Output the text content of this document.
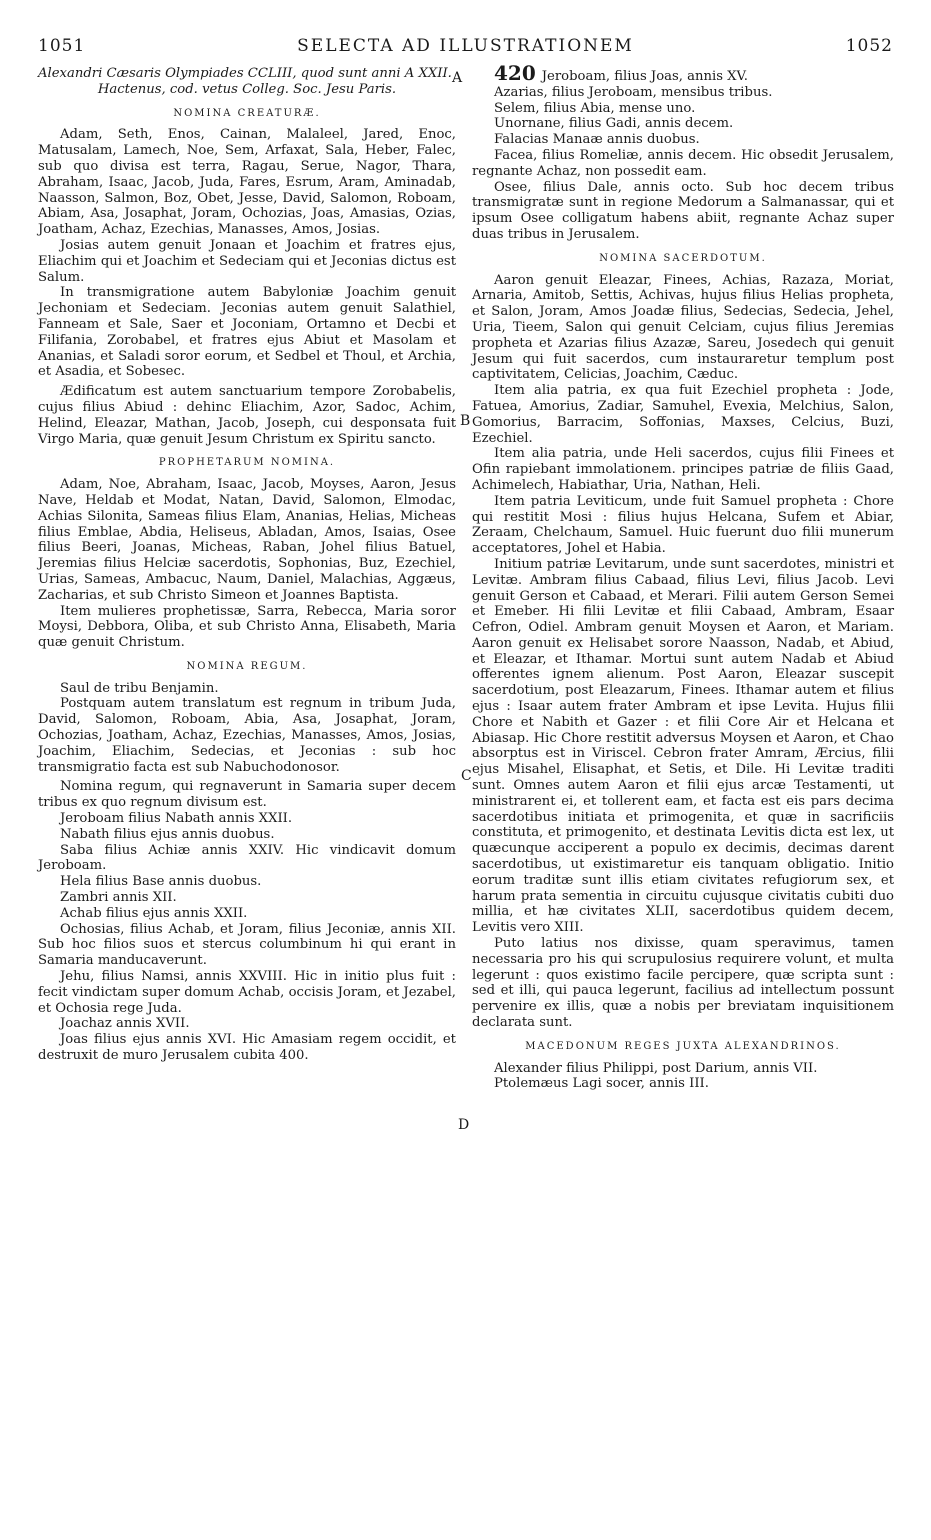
1051	SELECTA AD ILLUSTRATIONEM	1052
A
B
C
D

Alexandri Cæsaris Olympiades CCLIII, quod sunt anni A XXII.

Hactenus, cod. vetus Colleg. Soc. Jesu Paris.

NOMINA CREATURÆ.

Adam, Seth, Enos, Cainan, Malaleel, Jared, Enoc, Matusalam, Lamech, Noe, Sem, Arfaxat, Sala, Heber, Falec, sub quo divisa est terra, Ragau, Serue, Nagor, Thara, Abraham, Isaac, Jacob, Juda, Fares, Esrum, Aram, Aminadab, Naasson, Salmon, Boz, Obet, Jesse, David, Salomon, Roboam, Abiam, Asa, Josaphat, Joram, Ochozias, Joas, Amasias, Ozias, Joatham, Achaz, Ezechias, Manasses, Amos, Josias.

Josias autem genuit Jonaan et Joachim et fratres ejus, Eliachim qui et Joachim et Sedeciam qui et Jeconias dictus est Salum.

In transmigratione autem Babyloniæ Joachim genuit Jechoniam et Sedeciam. Jeconias autem genuit Salathiel, Fanneam et Sale, Saer et Joconiam, Ortamno et Decbi et Filifania, Zorobabel, et fratres ejus Abiut et Masolam et Ananias, et Saladi soror eorum, et Sedbel et Thoul, et Archia, et Asadia, et Sobesec.

Ædificatum est autem sanctuarium tempore Zorobabelis, cujus filius Abiud : dehinc Eliachim, Azor, Sadoc, Achim, Helind, Eleazar, Mathan, Jacob, Joseph, cui desponsata fuit Virgo Maria, quæ genuit Jesum Christum ex Spiritu sancto.

PROPHETARUM NOMINA.

Adam, Noe, Abraham, Isaac, Jacob, Moyses, Aaron, Jesus Nave, Heldab et Modat, Natan, David, Salomon, Elmodac, Achias Silonita, Sameas filius Elam, Ananias, Helias, Micheas filius Emblae, Abdia, Heliseus, Abladan, Amos, Isaias, Osee filius Beeri, Joanas, Micheas, Raban, Johel filius Batuel, Jeremias filius Helciæ sacerdotis, Sophonias, Buz, Ezechiel, Urias, Sameas, Ambacuc, Naum, Daniel, Malachias, Aggæus, Zacharias, et sub Christo Simeon et Joannes Baptista.

Item mulieres prophetissæ, Sarra, Rebecca, Maria soror Moysi, Debbora, Oliba, et sub Christo Anna, Elisabeth, Maria quæ genuit Christum.

NOMINA REGUM.

Saul de tribu Benjamin.

Postquam autem translatum est regnum in tribum Juda, David, Salomon, Roboam, Abia, Asa, Josaphat, Joram, Ochozias, Joatham, Achaz, Ezechias, Manasses, Amos, Josias, Joachim, Eliachim, Sedecias, et Jeconias : sub hoc transmigratio facta est sub Nabuchodonosor.

Nomina regum, qui regnaverunt in Samaria super decem tribus ex quo regnum divisum est.

Jeroboam filius Nabath annis XXII.

Nabath filius ejus annis duobus.

Saba filius Achiæ annis XXIV. Hic vindicavit domum Jeroboam.

Hela filius Base annis duobus.

Zambri annis XII.

Achab filius ejus annis XXII.

Ochosias, filius Achab, et Joram, filius Jeconiæ, annis XII. Sub hoc filios suos et stercus columbinum hi qui erant in Samaria manducaverunt.

Jehu, filius Namsi, annis XXVIII. Hic in initio plus fuit : fecit vindictam super domum Achab, occisis Joram, et Jezabel, et Ochosia rege Juda.

Joachaz annis XVII.

Joas filius ejus annis XVI. Hic Amasiam regem occidit, et destruxit de muro Jerusalem cubita 400.

420 Jeroboam, filius Joas, annis XV.

Azarias, filius Jeroboam, mensibus tribus.

Selem, filius Abia, mense uno.

Unornane, filius Gadi, annis decem.

Falacias Manaæ annis duobus.

Facea, filius Romeliæ, annis decem. Hic obsedit Jerusalem, regnante Achaz, non possedit eam.

Osee, filius Dale, annis octo. Sub hoc decem tribus transmigratæ sunt in regione Medorum a Salmanassar, qui et ipsum Osee colligatum habens abiit, regnante Achaz super duas tribus in Jerusalem.

NOMINA SACERDOTUM.

Aaron genuit Eleazar, Finees, Achias, Razaza, Moriat, Arnaria, Amitob, Settis, Achivas, hujus filius Helias propheta, et Salon, Joram, Amos Joadæ filius, Sedecias, Sedecia, Jehel, Uria, Tieem, Salon qui genuit Celciam, cujus filius Jeremias propheta et Azarias filius Azazæ, Sareu, Josedech qui genuit Jesum qui fuit sacerdos, cum instauraretur templum post captivitatem, Celicias, Joachim, Cæduc.

Item alia patria, ex qua fuit Ezechiel propheta : Jode, Fatuea, Amorius, Zadiar, Samuhel, Evexia, Melchius, Salon, Gomorius, Barracim, Soffonias, Maxses, Celcius, Buzi, Ezechiel.

Item alia patria, unde Heli sacerdos, cujus filii Finees et Ofin rapiebant immolationem. principes patriæ de filiis Gaad, Achimelech, Habiathar, Uria, Nathan, Heli.

Item patria Leviticum, unde fuit Samuel propheta : Chore qui restitit Mosi : filius hujus Helcana, Sufem et Abiar, Zeraam, Chelchaum, Samuel. Huic fuerunt duo filii munerum acceptatores, Johel et Habia.

Initium patriæ Levitarum, unde sunt sacerdotes, ministri et Levitæ. Ambram filius Cabaad, filius Levi, filius Jacob. Levi genuit Gerson et Cabaad, et Merari. Filii autem Gerson Semei et Emeber. Hi filii Levitæ et filii Cabaad, Ambram, Esaar Cefron, Odiel. Ambram genuit Moysen et Aaron, et Mariam. Aaron genuit ex Helisabet sorore Naasson, Nadab, et Abiud, et Eleazar, et Ithamar. Mortui sunt autem Nadab et Abiud offerentes ignem alienum. Post Aaron, Eleazar suscepit sacerdotium, post Eleazarum, Finees. Ithamar autem et filius ejus : Isaar autem frater Ambram et ipse Levita. Hujus filii Chore et Nabith et Gazer : et filii Core Air et Helcana et Abiasap. Hic Chore restitit adversus Moysen et Aaron, et Chao absorptus est in Viriscel. Cebron frater Amram, Ærcius, filii ejus Misahel, Elisaphat, et Setis, et Dile. Hi Levitæ traditi sunt. Omnes autem Aaron et filii ejus arcæ Testamenti, ut ministrarent ei, et tollerent eam, et facta est eis pars decima sacerdotibus initiata et primogenita, et quæ in sacrificiis constituta, et primogenito, et destinata Levitis dicta est lex, ut quæcunque acciperent a populo ex decimis, decimas darent sacerdotibus, ut existimaretur eis tanquam obligatio. Initio eorum traditæ sunt illis etiam civitates refugiorum sex, et harum prata sementia in circuitu cujusque civitatis cubiti duo millia, et hæ civitates XLII, sacerdotibus quidem decem, Levitis vero XIII.

Puto latius nos dixisse, quam speravimus, tamen necessaria pro his qui scrupulosius requirere volunt, et multa legerunt : quos existimo facile percipere, quæ scripta sunt : sed et illi, qui pauca legerunt, facilius ad intellectum possunt pervenire ex illis, quæ a nobis per breviatam inquisitionem declarata sunt.

MACEDONUM REGES JUXTA ALEXANDRINOS.

Alexander filius Philippi, post Darium, annis VII.

Ptolemæus Lagi socer, annis III.
